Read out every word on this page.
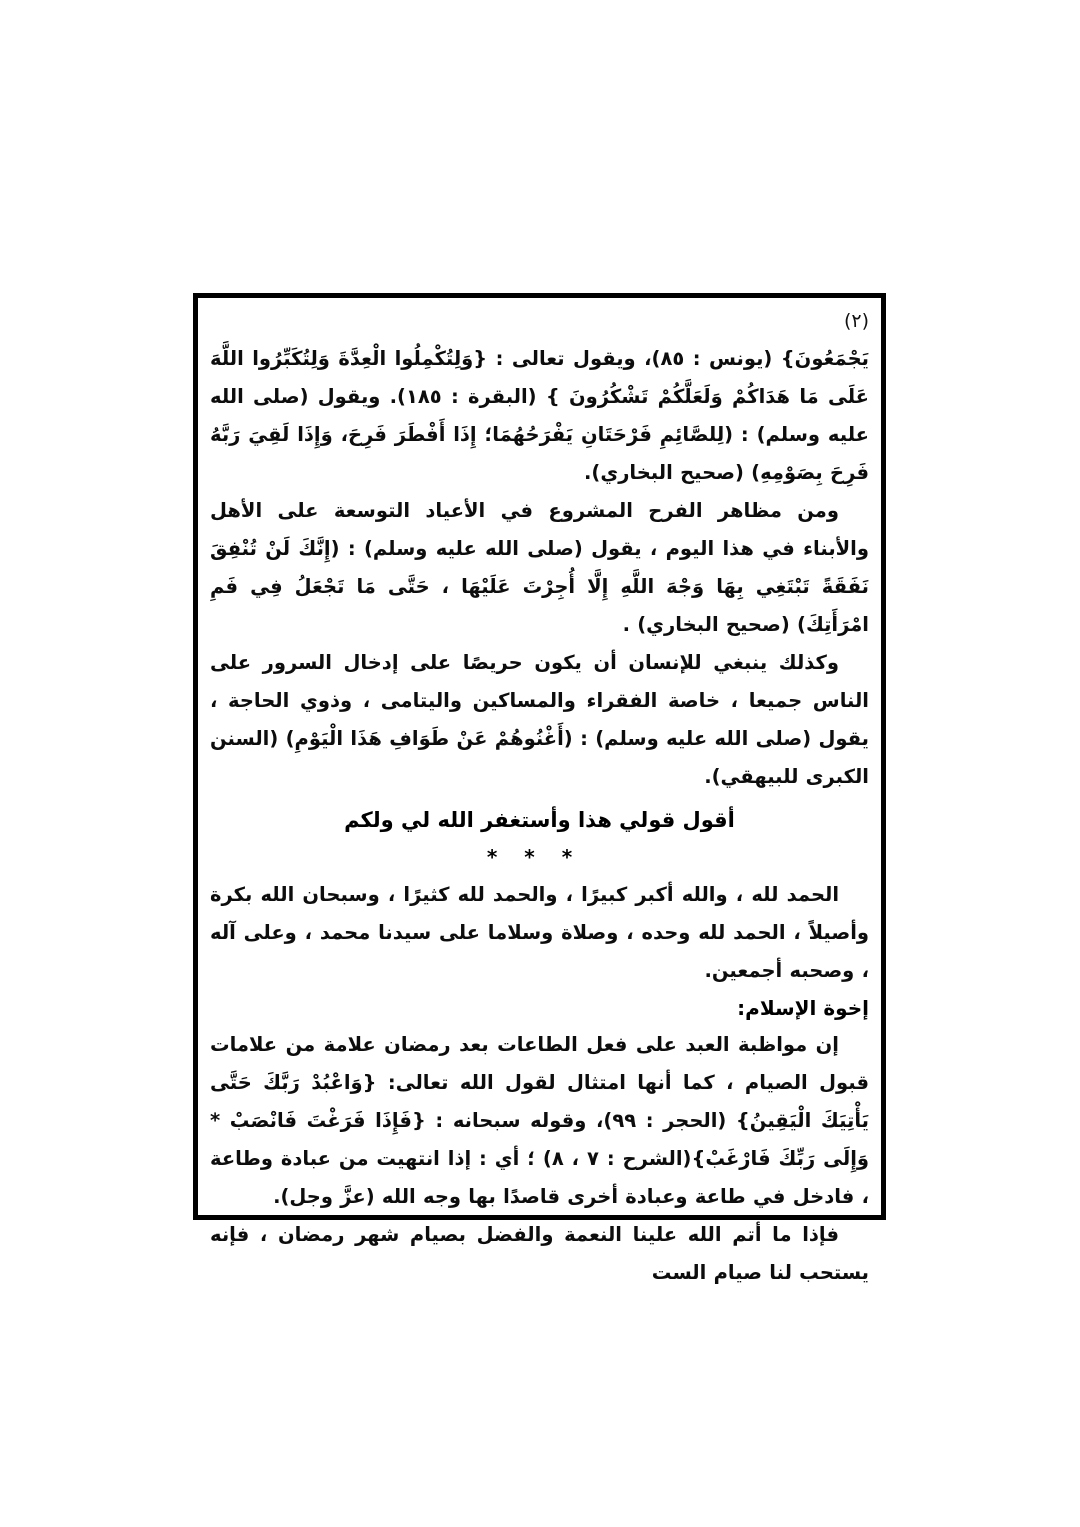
(٢)

يَجْمَعُونَ} (يونس : ٨٥)، ويقول تعالى : {وَلِتُكْمِلُوا الْعِدَّةَ وَلِتُكَبِّرُوا اللَّهَ عَلَى مَا هَدَاكُمْ وَلَعَلَّكُمْ تَشْكُرُونَ } (البقرة : ١٨٥). ويقول (صلى الله عليه وسلم) : (لِلصَّائِمِ فَرْحَتَانِ يَفْرَحُهُمَا؛ إِذَا أَفْطَرَ فَرِحَ، وَإِذَا لَقِيَ رَبَّهُ فَرِحَ بِصَوْمِهِ) (صحيح البخاري).

ومن مظاهر الفرح المشروع في الأعياد التوسعة على الأهل والأبناء في هذا اليوم ، يقول (صلى الله عليه وسلم) : (إِنَّكَ لَنْ تُنْفِقَ نَفَقَةً تَبْتَغِي بِهَا وَجْهَ اللَّهِ إِلَّا أُجِرْتَ عَلَيْهَا ، حَتَّى مَا تَجْعَلُ فِي فَمِ امْرَأَتِكَ) (صحيح البخاري) .

وكذلك ينبغي للإنسان أن يكون حريصًا على إدخال السرور على الناس جميعا ، خاصة الفقراء والمساكين واليتامى ، وذوي الحاجة ، يقول (صلى الله عليه وسلم) : (أَغْنُوهُمْ عَنْ طَوَافِ هَذَا الْيَوْمِ) (السنن الكبرى للبيهقي).

أقول قولي هذا وأستغفر الله لي ولكم
* * *

الحمد لله ، والله أكبر كبيرًا ، والحمد لله كثيرًا ، وسبحان الله بكرة وأصيلاً ، الحمد لله وحده ، وصلاة وسلاما على سيدنا محمد ، وعلى آله ، وصحبه أجمعين.

إخوة الإسلام:

إن مواظبة العبد على فعل الطاعات بعد رمضان علامة من علامات قبول الصيام ، كما أنها امتثال لقول الله تعالى: {وَاعْبُدْ رَبَّكَ حَتَّى يَأْتِيَكَ الْيَقِينُ} (الحجر : ٩٩)، وقوله سبحانه : {فَإِذَا فَرَغْتَ فَانْصَبْ * وَإِلَى رَبِّكَ فَارْغَبْ}(الشرح : ٧ ، ٨) ؛ أي : إذا انتهيت من عبادة وطاعة ، فادخل في طاعة وعبادة أخرى قاصدًا بها وجه الله (عزَّ وجل).

فإذا ما أتم الله علينا النعمة والفضل بصيام شهر رمضان ، فإنه يستحب لنا صيام الست
